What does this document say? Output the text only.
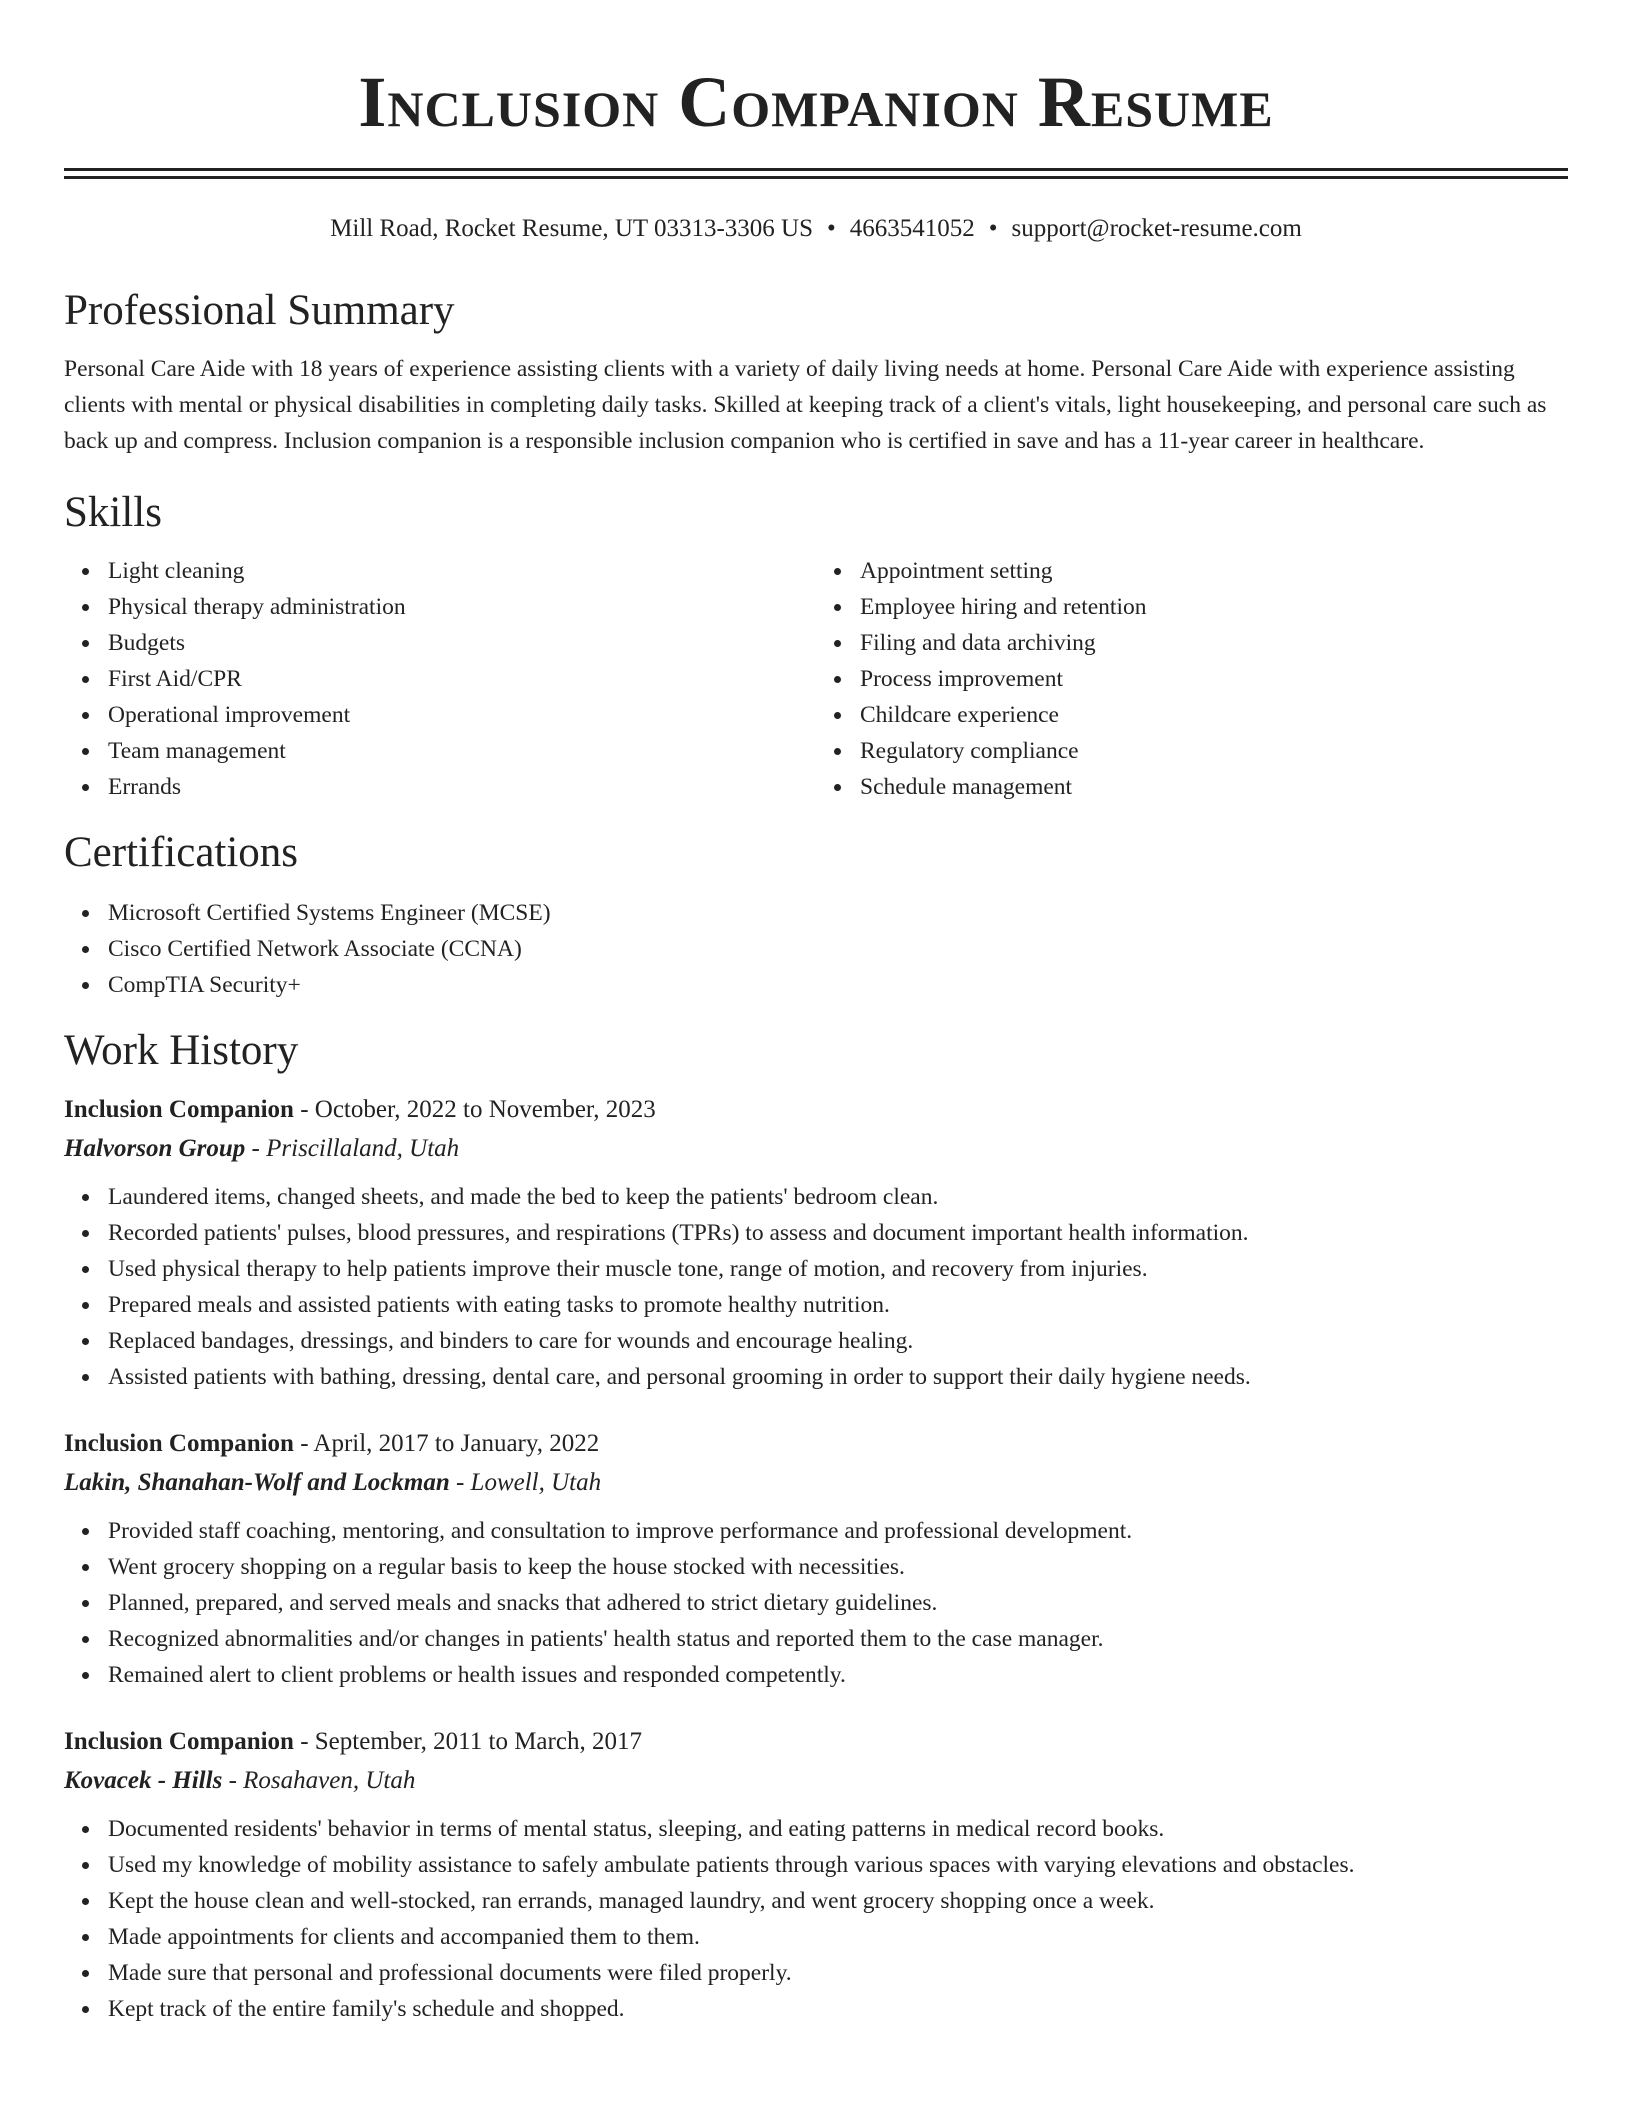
Inclusion Companion Resume
Mill Road, Rocket Resume, UT 03313-3306 US • 4663541052 • support@rocket-resume.com
Professional Summary

Personal Care Aide with 18 years of experience assisting clients with a variety of daily living needs at home. Personal Care Aide with experience assisting clients with mental or physical disabilities in completing daily tasks. Skilled at keeping track of a client's vitals, light housekeeping, and personal care such as back up and compress. Inclusion companion is a responsible inclusion companion who is certified in save and has a 11-year career in healthcare.

Skills
Light cleaning
Physical therapy administration
Budgets
First Aid/CPR
Operational improvement
Team management
Errands
Appointment setting
Employee hiring and retention
Filing and data archiving
Process improvement
Childcare experience
Regulatory compliance
Schedule management
Certifications
Microsoft Certified Systems Engineer (MCSE)
Cisco Certified Network Associate (CCNA)
CompTIA Security+
Work History
Inclusion Companion - October, 2022 to November, 2023
Halvorson Group - Priscillaland, Utah
Laundered items, changed sheets, and made the bed to keep the patients' bedroom clean.
Recorded patients' pulses, blood pressures, and respirations (TPRs) to assess and document important health information.
Used physical therapy to help patients improve their muscle tone, range of motion, and recovery from injuries.
Prepared meals and assisted patients with eating tasks to promote healthy nutrition.
Replaced bandages, dressings, and binders to care for wounds and encourage healing.
Assisted patients with bathing, dressing, dental care, and personal grooming in order to support their daily hygiene needs.
Inclusion Companion - April, 2017 to January, 2022
Lakin, Shanahan-Wolf and Lockman - Lowell, Utah
Provided staff coaching, mentoring, and consultation to improve performance and professional development.
Went grocery shopping on a regular basis to keep the house stocked with necessities.
Planned, prepared, and served meals and snacks that adhered to strict dietary guidelines.
Recognized abnormalities and/or changes in patients' health status and reported them to the case manager.
Remained alert to client problems or health issues and responded competently.
Inclusion Companion - September, 2011 to March, 2017
Kovacek - Hills - Rosahaven, Utah
Documented residents' behavior in terms of mental status, sleeping, and eating patterns in medical record books.
Used my knowledge of mobility assistance to safely ambulate patients through various spaces with varying elevations and obstacles.
Kept the house clean and well-stocked, ran errands, managed laundry, and went grocery shopping once a week.
Made appointments for clients and accompanied them to them.
Made sure that personal and professional documents were filed properly.
Kept track of the entire family's schedule and shopped.
